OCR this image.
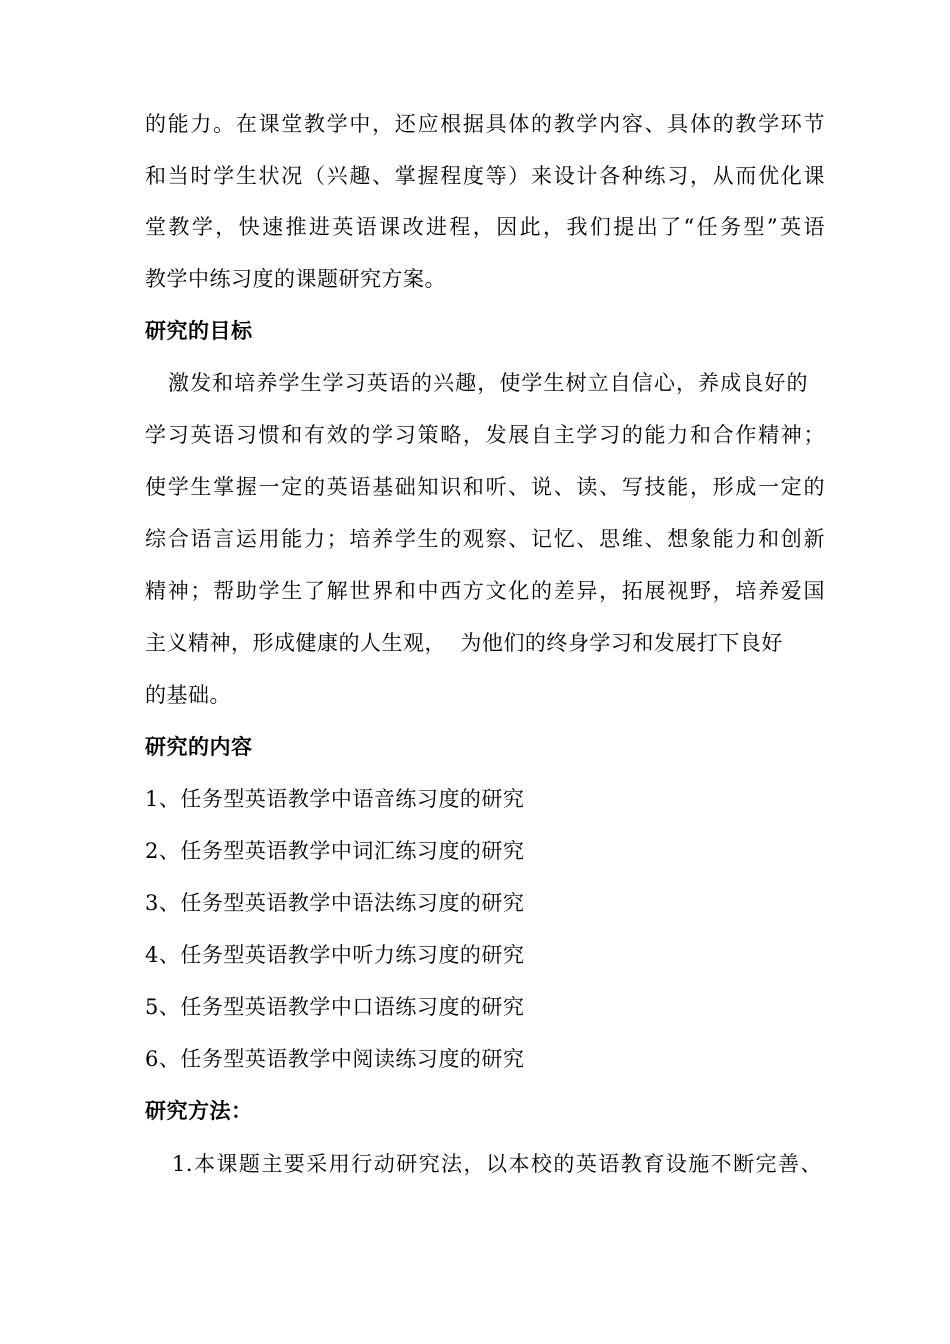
的能力。在课堂教学中，还应根据具体的教学内容、具体的教学环节
和当时学生状况（兴趣、掌握程度等）来设计各种练习，从而优化课
堂教学，快速推进英语课改进程，因此，我们提出了“任务型”英语
教学中练习度的课题研究方案。
研究的目标
激发和培养学生学习英语的兴趣，使学生树立自信心，养成良好的
学习英语习惯和有效的学习策略，发展自主学习的能力和合作精神；
使学生掌握一定的英语基础知识和听、说、读、写技能，形成一定的
综合语言运用能力；培养学生的观察、记忆、思维、想象能力和创新
精神；帮助学生了解世界和中西方文化的差异，拓展视野，培养爱国
主义精神，形成健康的人生观，  为他们的终身学习和发展打下良好
的基础。
研究的内容
1、任务型英语教学中语音练习度的研究
2、任务型英语教学中词汇练习度的研究
3、任务型英语教学中语法练习度的研究
4、任务型英语教学中听力练习度的研究
5、任务型英语教学中口语练习度的研究
6、任务型英语教学中阅读练习度的研究
研究方法：
1.本课题主要采用行动研究法，以本校的英语教育设施不断完善、
